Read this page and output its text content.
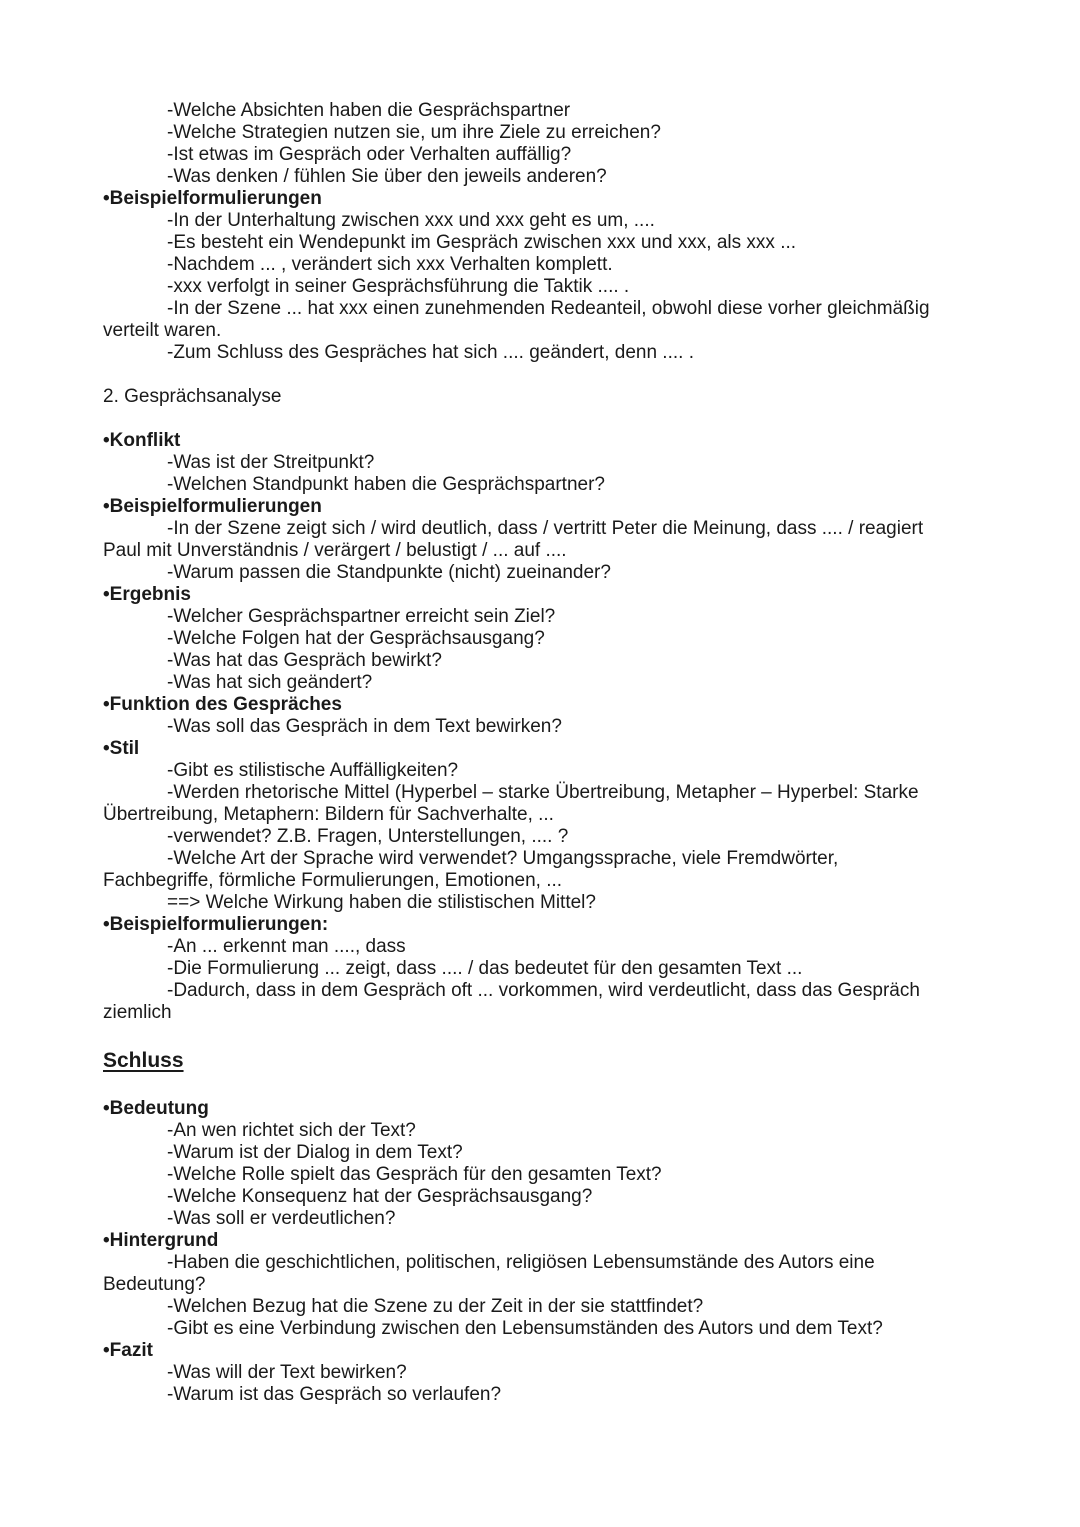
-Welche Absichten haben die Gesprächspartner
-Welche Strategien nutzen sie, um ihre Ziele zu erreichen?
-Ist etwas im Gespräch oder Verhalten auffällig?
-Was denken / fühlen Sie über den jeweils anderen?
•Beispielformulierungen
-In der Unterhaltung zwischen xxx und xxx geht es um, ....
-Es besteht ein Wendepunkt im Gespräch zwischen xxx und xxx, als xxx ...
-Nachdem ... , verändert sich xxx Verhalten komplett.
-xxx verfolgt in seiner Gesprächsführung die Taktik .... .
-In der Szene ... hat xxx einen zunehmenden Redeanteil, obwohl diese vorher gleichmäßig
verteilt waren.
-Zum Schluss des Gespräches hat sich .... geändert, denn .... .
2. Gesprächsanalyse
•Konflikt
-Was ist der Streitpunkt?
-Welchen Standpunkt haben die Gesprächspartner?
•Beispielformulierungen
-In der Szene zeigt sich / wird deutlich, dass / vertritt Peter die Meinung, dass .... / reagiert
Paul mit Unverständnis / verärgert / belustigt / ... auf ....
-Warum passen die Standpunkte (nicht) zueinander?
•Ergebnis
-Welcher Gesprächspartner erreicht sein Ziel?
-Welche Folgen hat der Gesprächsausgang?
-Was hat das Gespräch bewirkt?
-Was hat sich geändert?
•Funktion des Gespräches
-Was soll das Gespräch in dem Text bewirken?
•Stil
-Gibt es stilistische Auffälligkeiten?
-Werden rhetorische Mittel (Hyperbel – starke Übertreibung, Metapher – Hyperbel: Starke
Übertreibung, Metaphern: Bildern für Sachverhalte, ...
-verwendet? Z.B. Fragen, Unterstellungen, .... ?
-Welche Art der Sprache wird verwendet? Umgangssprache, viele Fremdwörter,
Fachbegriffe, förmliche Formulierungen, Emotionen, ...
==> Welche Wirkung haben die stilistischen Mittel?
•Beispielformulierungen:
-An ... erkennt man ...., dass
-Die Formulierung ... zeigt, dass .... / das bedeutet für den gesamten Text ...
-Dadurch, dass in dem Gespräch oft ... vorkommen, wird verdeutlicht, dass das Gespräch
ziemlich
Schluss
•Bedeutung
-An wen richtet sich der Text?
-Warum ist der Dialog in dem Text?
-Welche Rolle spielt das Gespräch für den gesamten Text?
-Welche Konsequenz hat der Gesprächsausgang?
-Was soll er verdeutlichen?
•Hintergrund
-Haben die geschichtlichen, politischen, religiösen Lebensumstände des Autors eine
Bedeutung?
-Welchen Bezug hat die Szene zu der Zeit in der sie stattfindet?
-Gibt es eine Verbindung zwischen den Lebensumständen des Autors und dem Text?
•Fazit
-Was will der Text bewirken?
-Warum ist das Gespräch so verlaufen?
